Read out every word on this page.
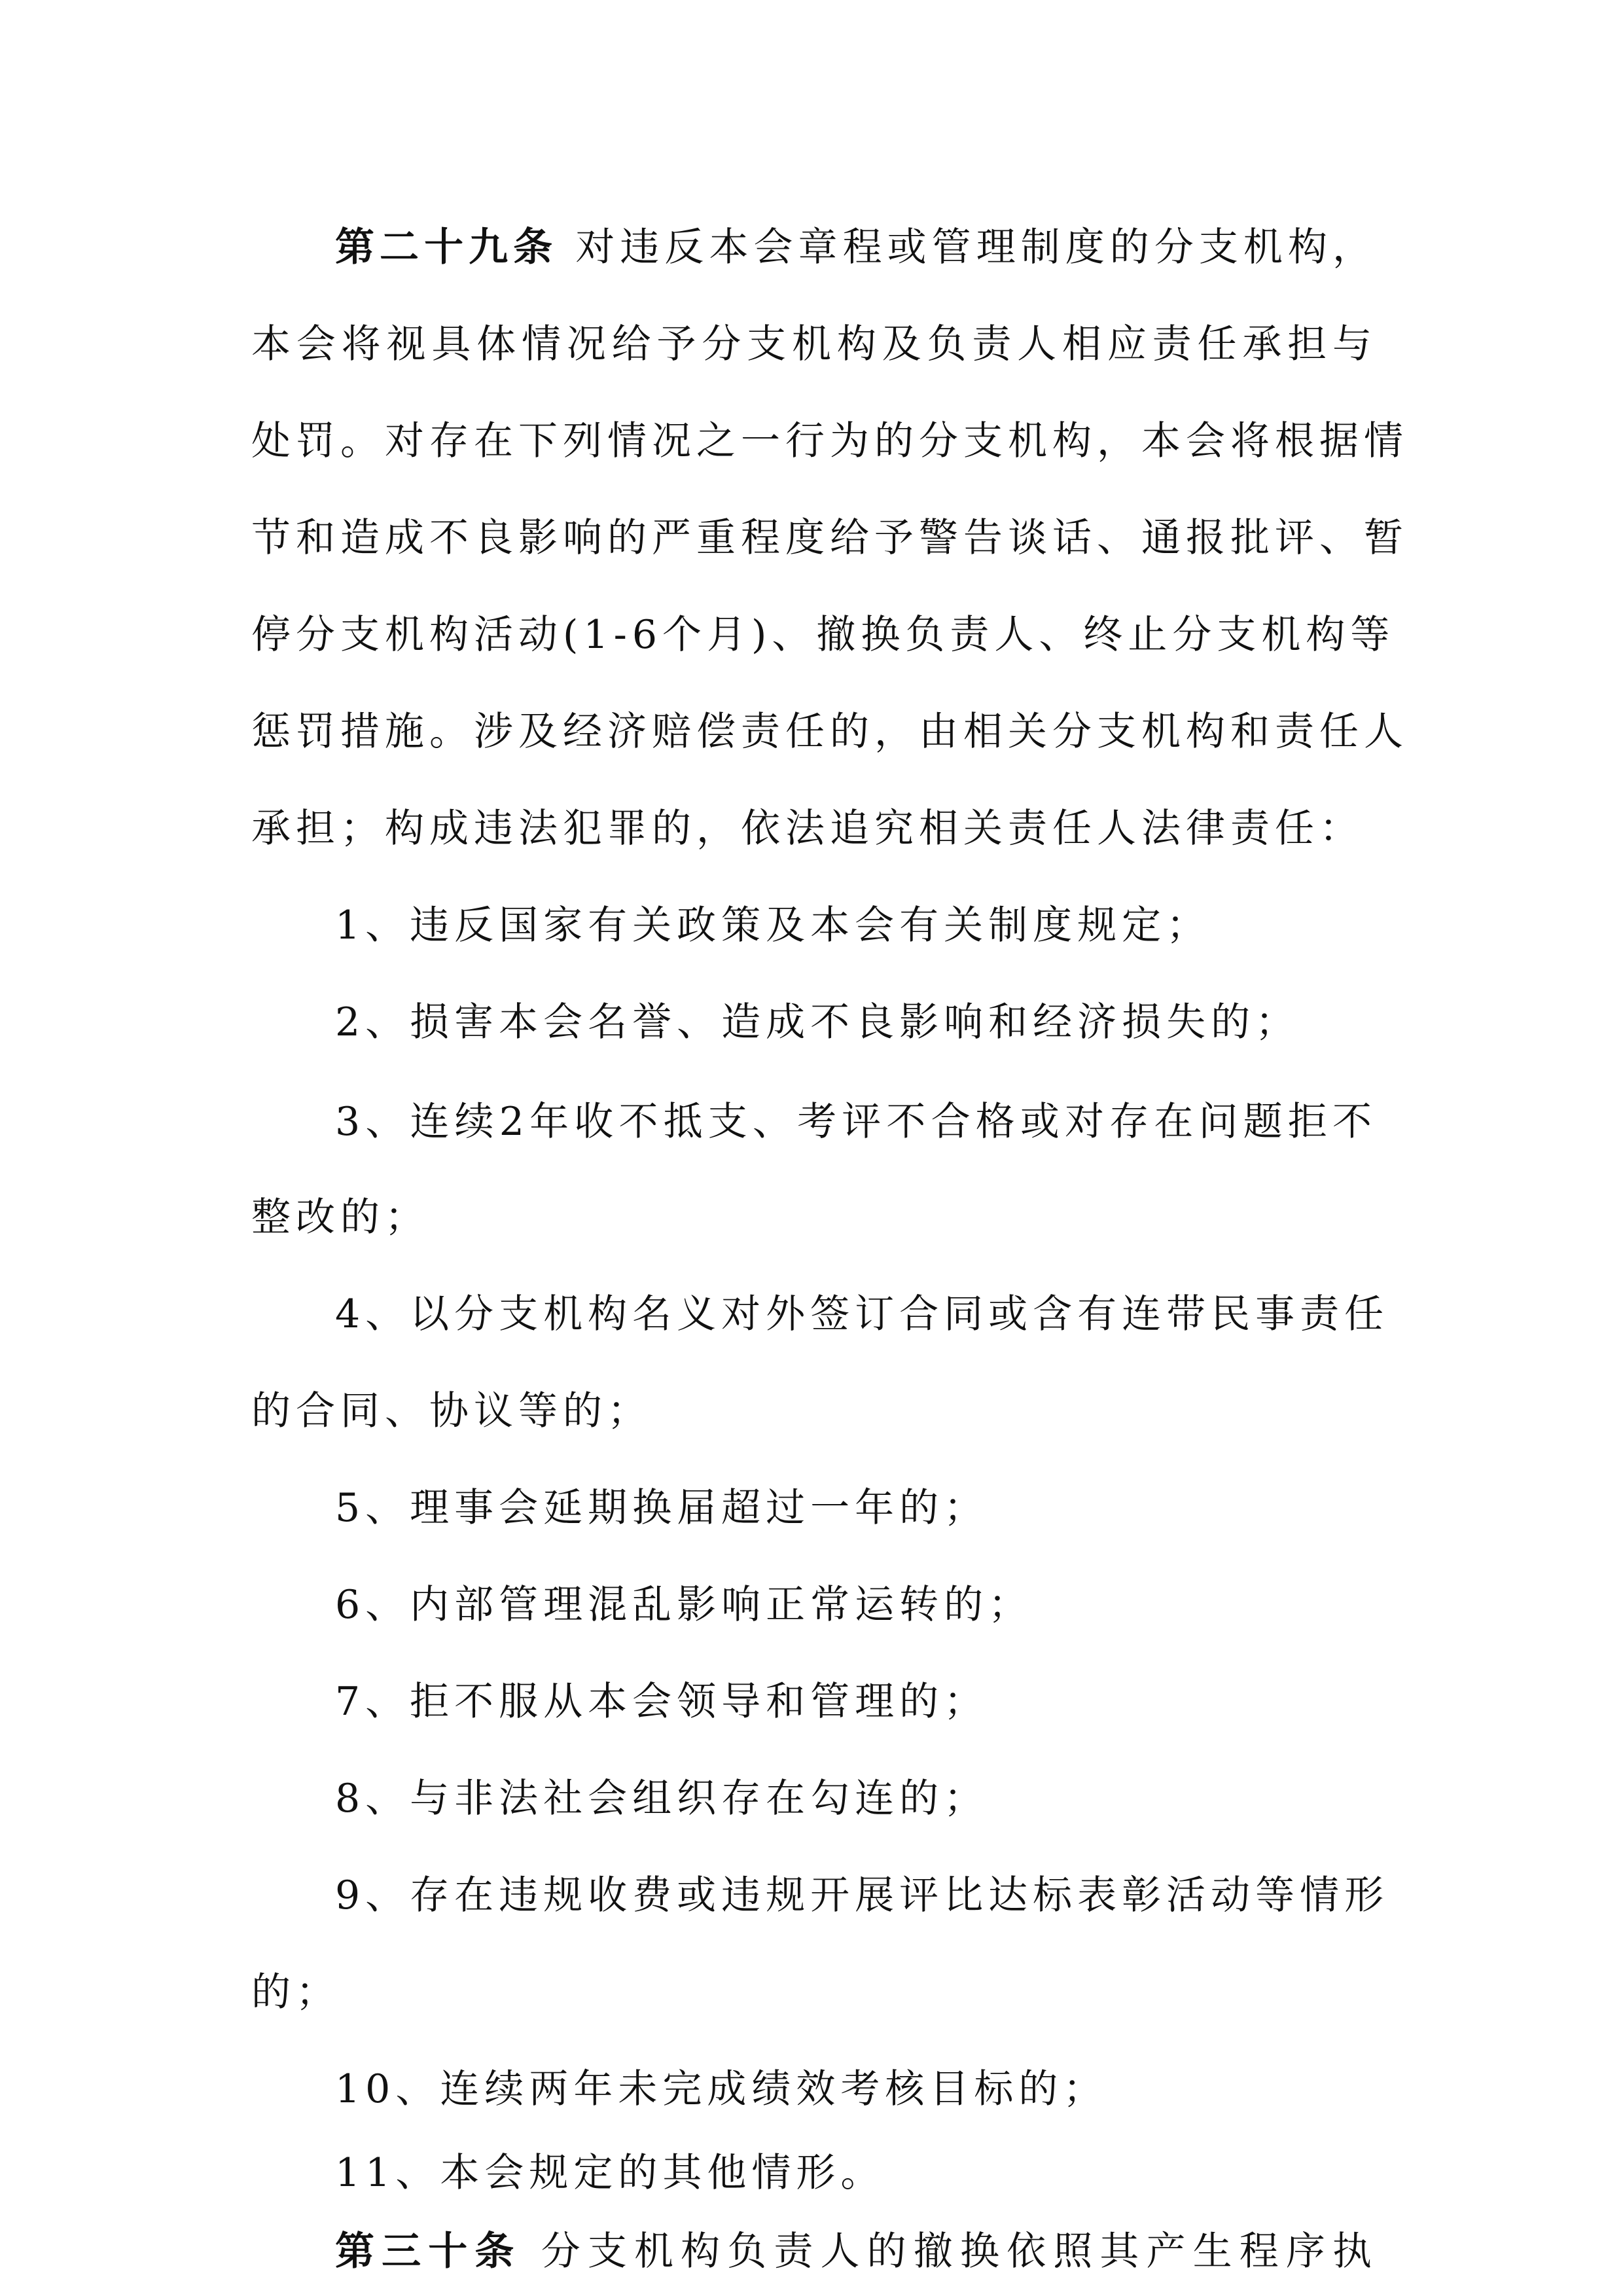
第二十九条 对违反本会章程或管理制度的分支机构，
本会将视具体情况给予分支机构及负责人相应责任承担与
处罚。对存在下列情况之一行为的分支机构，本会将根据情
节和造成不良影响的严重程度给予警告谈话、通报批评、暂
停分支机构活动(1-6个月)、撤换负责人、终止分支机构等
惩罚措施。涉及经济赔偿责任的，由相关分支机构和责任人
承担；构成违法犯罪的，依法追究相关责任人法律责任：
1、违反国家有关政策及本会有关制度规定；
2、损害本会名誉、造成不良影响和经济损失的；
3、连续2年收不抵支、考评不合格或对存在问题拒不
整改的；
4、以分支机构名义对外签订合同或含有连带民事责任
的合同、协议等的；
5、理事会延期换届超过一年的；
6、内部管理混乱影响正常运转的；
7、拒不服从本会领导和管理的；
8、与非法社会组织存在勾连的；
9、存在违规收费或违规开展评比达标表彰活动等情形
的；
10、连续两年未完成绩效考核目标的；
11、本会规定的其他情形。
第三十条 分支机构负责人的撤换依照其产生程序执
